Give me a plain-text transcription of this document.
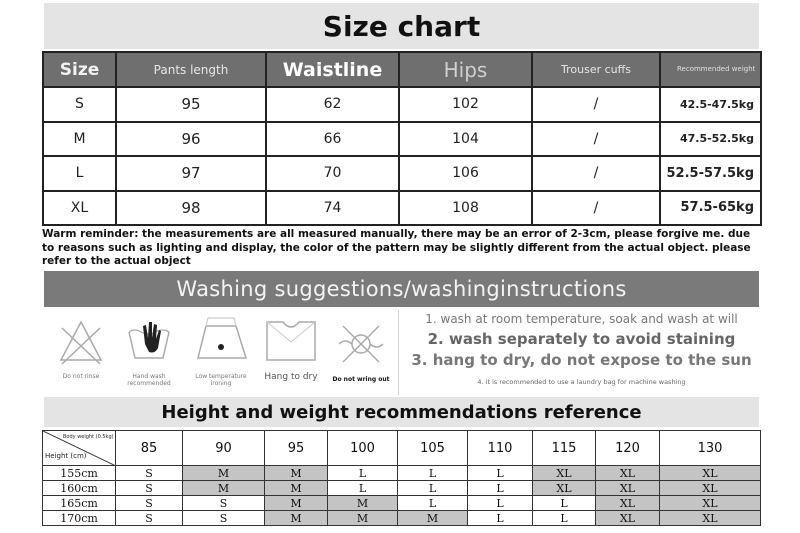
Size chart
Size	Pants length	Waistline	Hips	Trouser cuffs	Recommended weight
S	95	62	102	/	42.5-47.5kg
M	96	66	104	/	47.5-52.5kg
L	97	70	106	/	52.5-57.5kg
XL	98	74	108	/	57.5-65kg
Warm reminder: the measurements are all measured manually, there may be an error of 2-3cm, please forgive me. due to reasons such as lighting and display, the color of the pattern may be slightly different from the actual object. please refer to the actual object
Washing suggestions/washinginstructions
Do not rinse	Hand wash recommended
Low temperature ironing
Hang to dry	Do not wring out
1. wash at room temperature, soak and wash at will
2. wash separately to avoid staining
3. hang to dry, do not expose to the sun
4. it is recommended to use a laundry bag for machine washing
Height and weight recommendations reference
Body weight (0.5kg)
Height (cm)	85	90	95	100	105	110	115	120	130
155cm	S	M	M	L	L	L	XL	XL	XL
160cm	S	M	M	L	L	L	XL	XL	XL
165cm	S	S	M	M	L	L	L	XL	XL
170cm	S	S	M	M	M	L	L	XL	XL
